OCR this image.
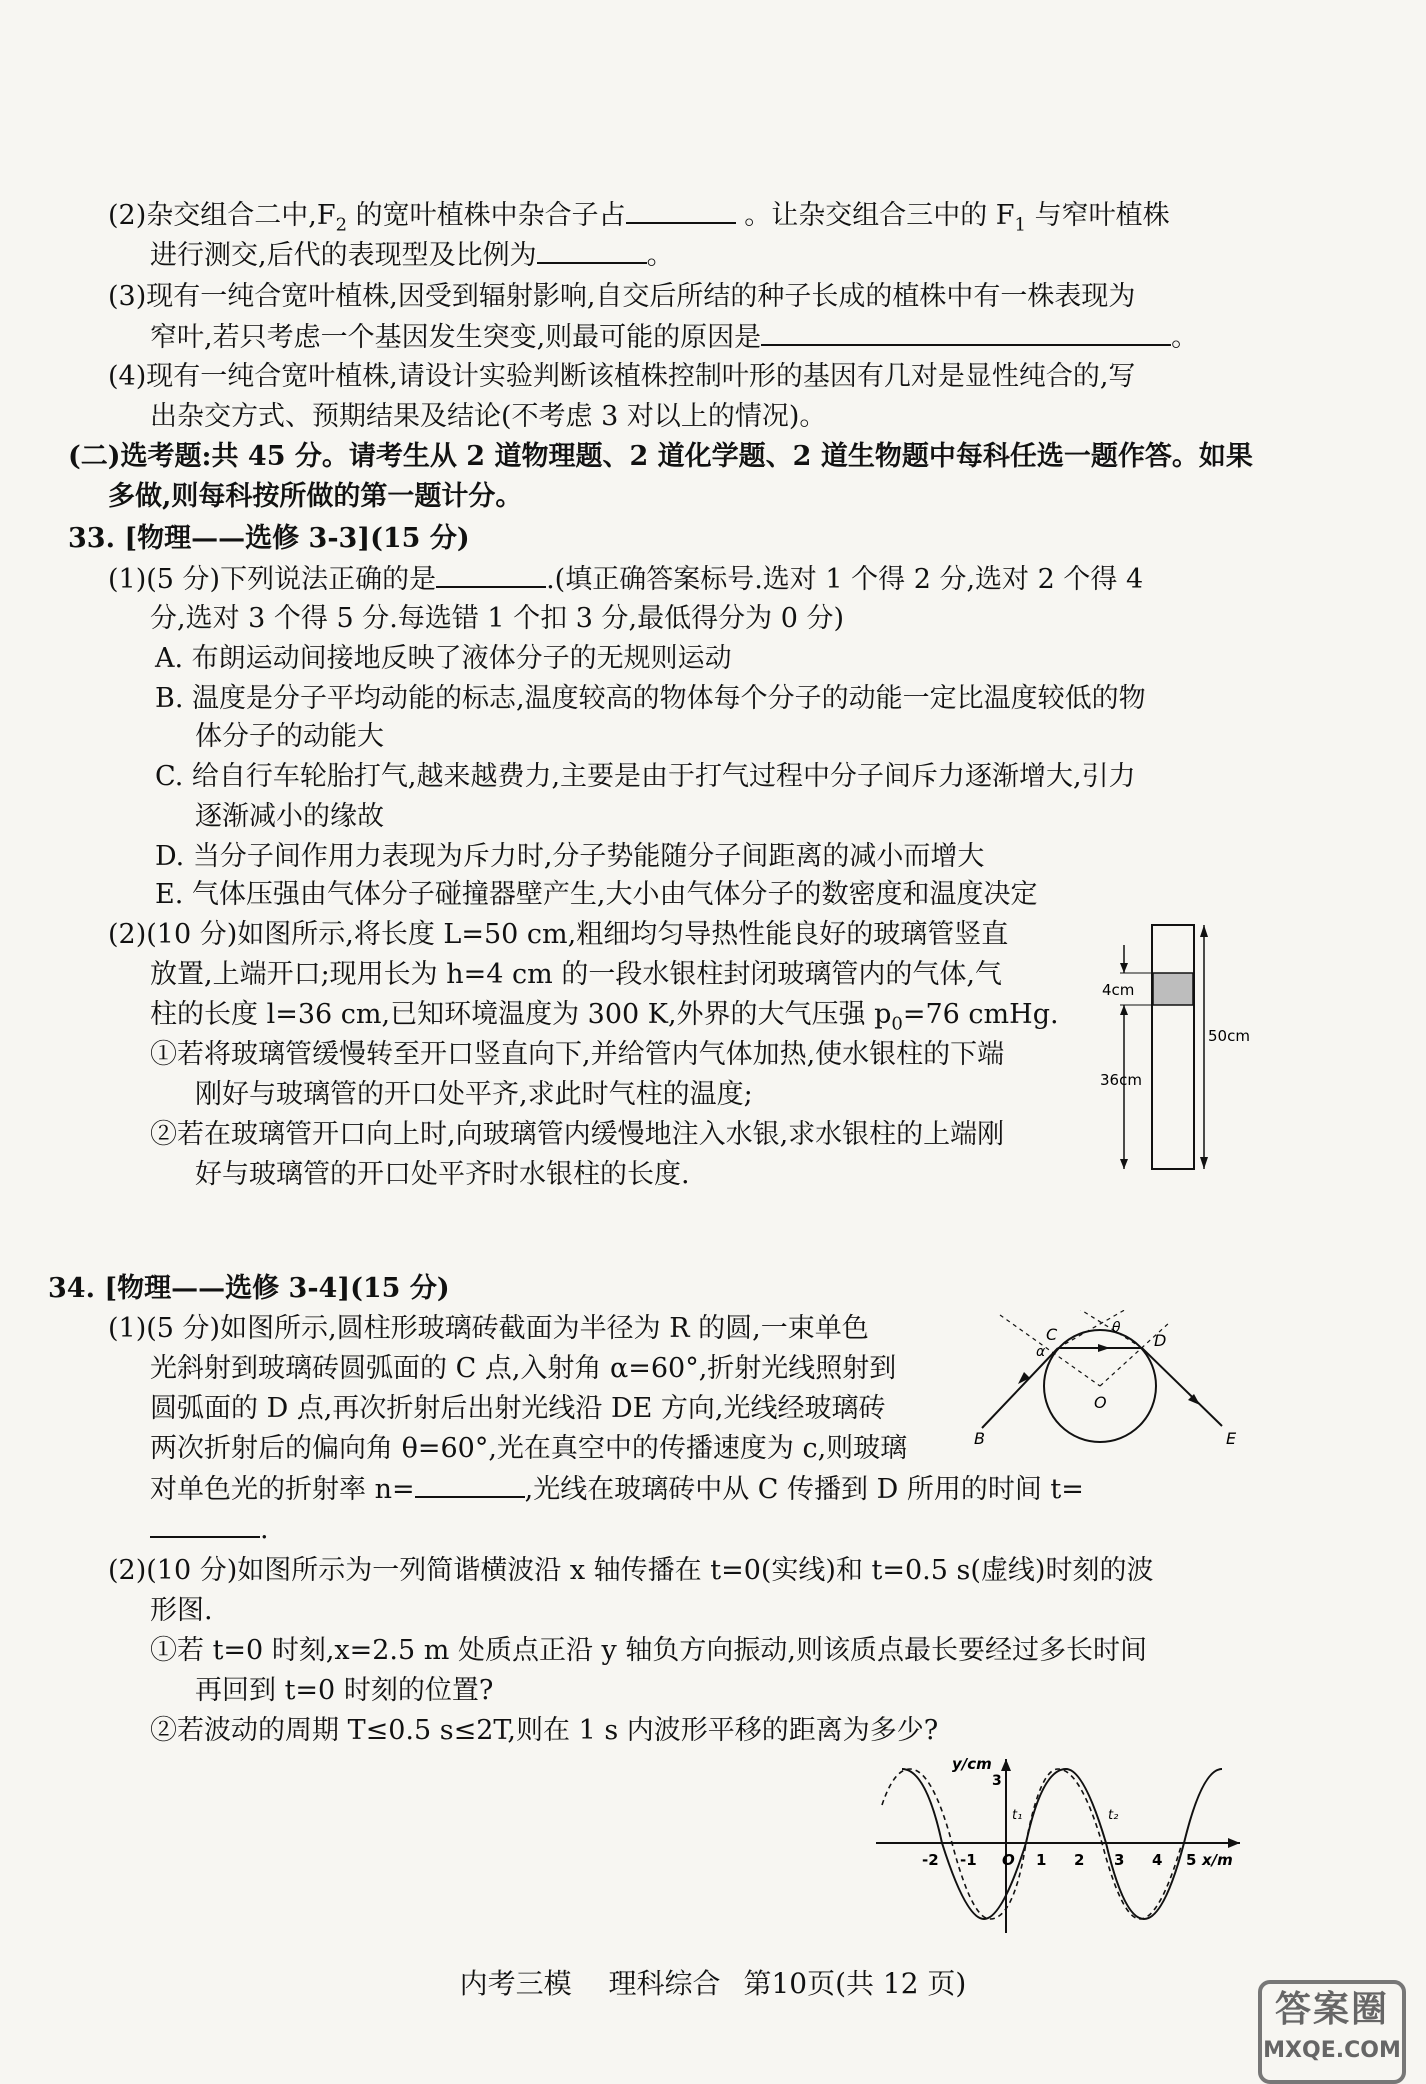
(2)杂交组合二中$,F_2$ 的宽叶植株中杂合子占	。让杂交组合三中的 $F_1$ 与窄叶植株
进行测交,后代的表现型及比例为	。
(3)现有一纯合宽叶植株,因受到辐射影响,自交后所结的种子长成的植株中有一株表现为
窄叶,若只考虑一个基因发生突变,则最可能的原因是	。
(4)现有一纯合宽叶植株,请设计实验判断该植株控制叶形的基因有几对是显性纯合的,写
出杂交方式、预期结果及结论(不考虑 3 对以上的情况)。
(二)选考题:共 45 分。请考生从 2 道物理题、2 道化学题、2 道生物题中每科任选一题作答。如果
多做,则每科按所做的第一题计分。
33. [物理——选修 3-3](15 分)
(1)(5 分)下列说法正确的是	.(填正确答案标号.选对 1 个得 2 分,选对 2 个得 4
分,选对 3 个得 5 分.每选错 1 个扣 3 分,最低得分为 0 分)
A. 布朗运动间接地反映了液体分子的无规则运动
B. 温度是分子平均动能的标志,温度较高的物体每个分子的动能一定比温度较低的物
体分子的动能大
C. 给自行车轮胎打气,越来越费力,主要是由于打气过程中分子间斥力逐渐增大,引力
逐渐减小的缘故
D. 当分子间作用力表现为斥力时,分子势能随分子间距离的减小而增大
E. 气体压强由气体分子碰撞器壁产生,大小由气体分子的数密度和温度决定
(2)(10 分)如图所示,将长度 L=50 cm,粗细均匀导热性能良好的玻璃管竖直
放置,上端开口;现用长为 h=4 cm 的一段水银柱封闭玻璃管内的气体,气
柱的长度 l=36 cm,已知环境温度为 300 K,外界的大气压强 $p_0=76$ cmHg.
①若将玻璃管缓慢转至开口竖直向下,并给管内气体加热,使水银柱的下端
刚好与玻璃管的开口处平齐,求此时气柱的温度;
②若在玻璃管开口向上时,向玻璃管内缓慢地注入水银,求水银柱的上端刚
好与玻璃管的开口处平齐时水银柱的长度.
4cm
36cm
50cm
34. [物理——选修 3-4](15 分)
(1)(5 分)如图所示,圆柱形玻璃砖截面为半径为 R 的圆,一束单色
光斜射到玻璃砖圆弧面的 C 点,入射角 α=60°,折射光线照射到
圆弧面的 D 点,再次折射后出射光线沿 DE 方向,光线经玻璃砖
两次折射后的偏向角 θ=60°,光在真空中的传播速度为 c,则玻璃
对单色光的折射率 n=	,光线在玻璃砖中从 C 传播到 D 所用的时间 t=
.
C
α
θ
D
B
O
E
(2)(10 分)如图所示为一列简谐横波沿 x 轴传播在 t=0(实线)和 t=0.5 s(虚线)时刻的波
形图.
①若 t=0 时刻,x=2.5 m 处质点正沿 y 轴负方向振动,则该质点最长要经过多长时间
再回到 t=0 时刻的位置?
②若波动的周期 T≤0.5 s≤2T,则在 1 s 内波形平移的距离为多少?
y/cm
x/m
3
t₁	t₂
-2 -1 O 1 2 3 4 5
内考三模 理科综合 第10页(共 12 页)
答案圈
MXQE.COM
